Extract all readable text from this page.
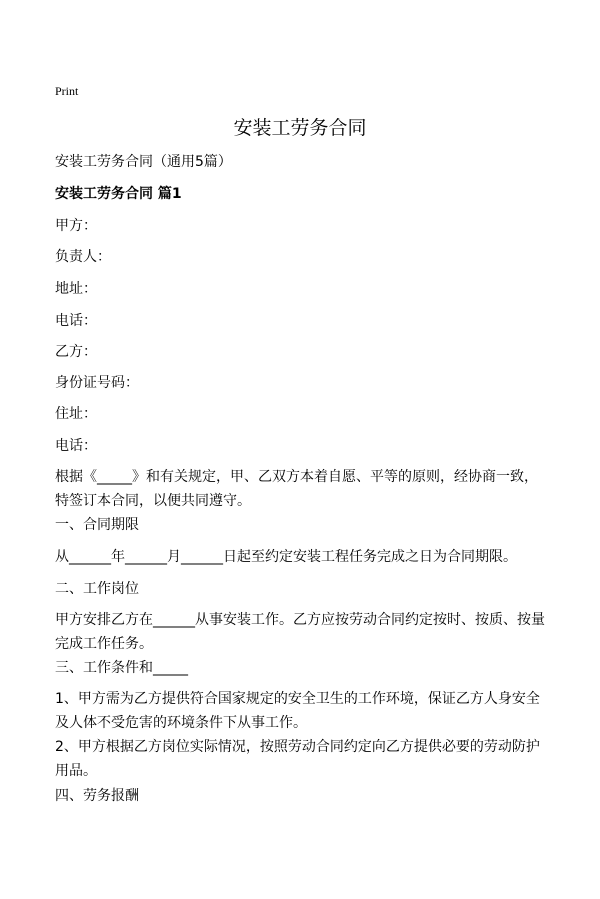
Print
安装工劳务合同

安装工劳务合同（通用5篇）

安装工劳务合同 篇1

甲方：

负责人：

地址：

电话：

乙方：

身份证号码：

住址：

电话：

根据《_____》和有关规定，甲、乙双方本着自愿、平等的原则，经协商一致，特签订本合同，以便共同遵守。

一、合同期限

从______年______月______日起至约定安装工程任务完成之日为合同期限。

二、工作岗位

甲方安排乙方在______从事安装工作。乙方应按劳动合同约定按时、按质、按量完成工作任务。

三、工作条件和_____

1、甲方需为乙方提供符合国家规定的安全卫生的工作环境，保证乙方人身安全及人体不受危害的环境条件下从事工作。

2、甲方根据乙方岗位实际情况，按照劳动合同约定向乙方提供必要的劳动防护用品。

四、劳务报酬
